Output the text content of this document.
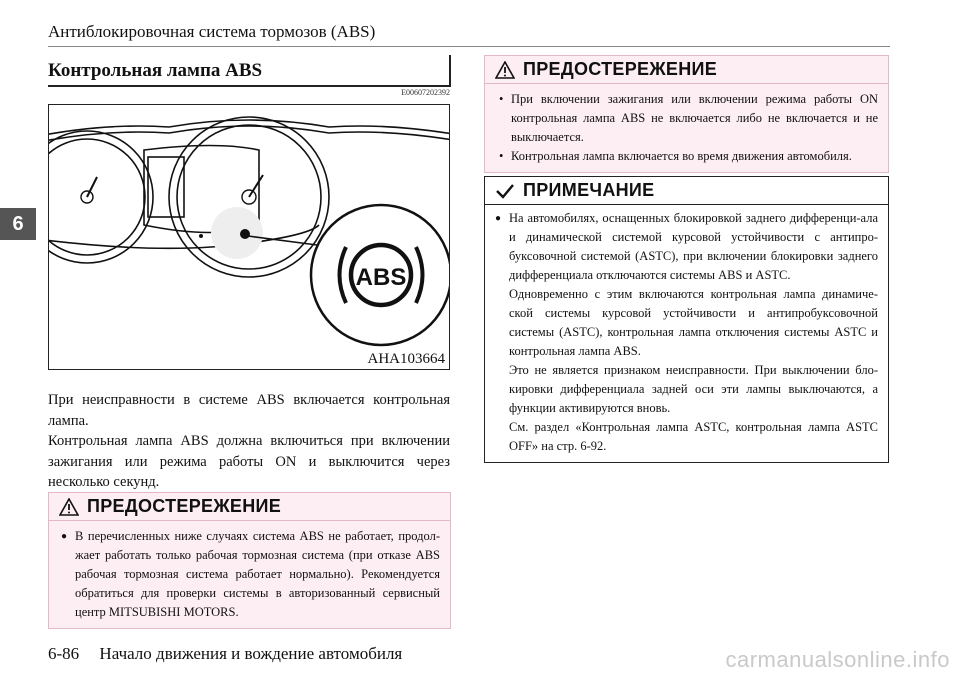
Антиблокировочная система тормозов (ABS)
6
Контрольная лампа ABS
E00607202392
ABS
AHA103664

При неисправности в системе ABS включается контрольная лампа.

Контрольная лампа ABS должна включиться при включении зажигания или режима работы ON и выключится через несколько секунд.

ПРЕДОСТЕРЕЖЕНИЕ
● В перечисленных ниже случаях система ABS не работает, продол-жает работать только рабочая тормозная система (при отказе ABS рабочая тормозная система работает нормально). Рекомендуется обратиться для проверки системы в авторизованный сервисный центр MITSUBISHI MOTORS.
ПРЕДОСТЕРЕЖЕНИЕ
• При включении зажигания или включении режима работы ON контрольная лампа ABS не включается либо не включается и не выключается.
• Контрольная лампа включается во время движения автомобиля.
ПРИМЕЧАНИЕ

● На автомобилях, оснащенных блокировкой заднего дифференци-ала и динамической системой курсовой устойчивости с антипро-буксовочной системой (ASTC), при включении блокировки заднего дифференциала отключаются системы ABS и ASTC.

Одновременно с этим включаются контрольная лампа динамиче-ской системы курсовой устойчивости и антипробуксовочной системы (ASTC), контрольная лампа отключения системы ASTC и контрольная лампа ABS.

Это не является признаком неисправности. При выключении бло-кировки дифференциала задней оси эти лампы выключаются, а функции активируются вновь.

См. раздел «Контрольная лампа ASTC, контрольная лампа ASTC OFF» на стр. 6-92.

6-86 Начало движения и вождение автомобиля	carmanualsonline.info
